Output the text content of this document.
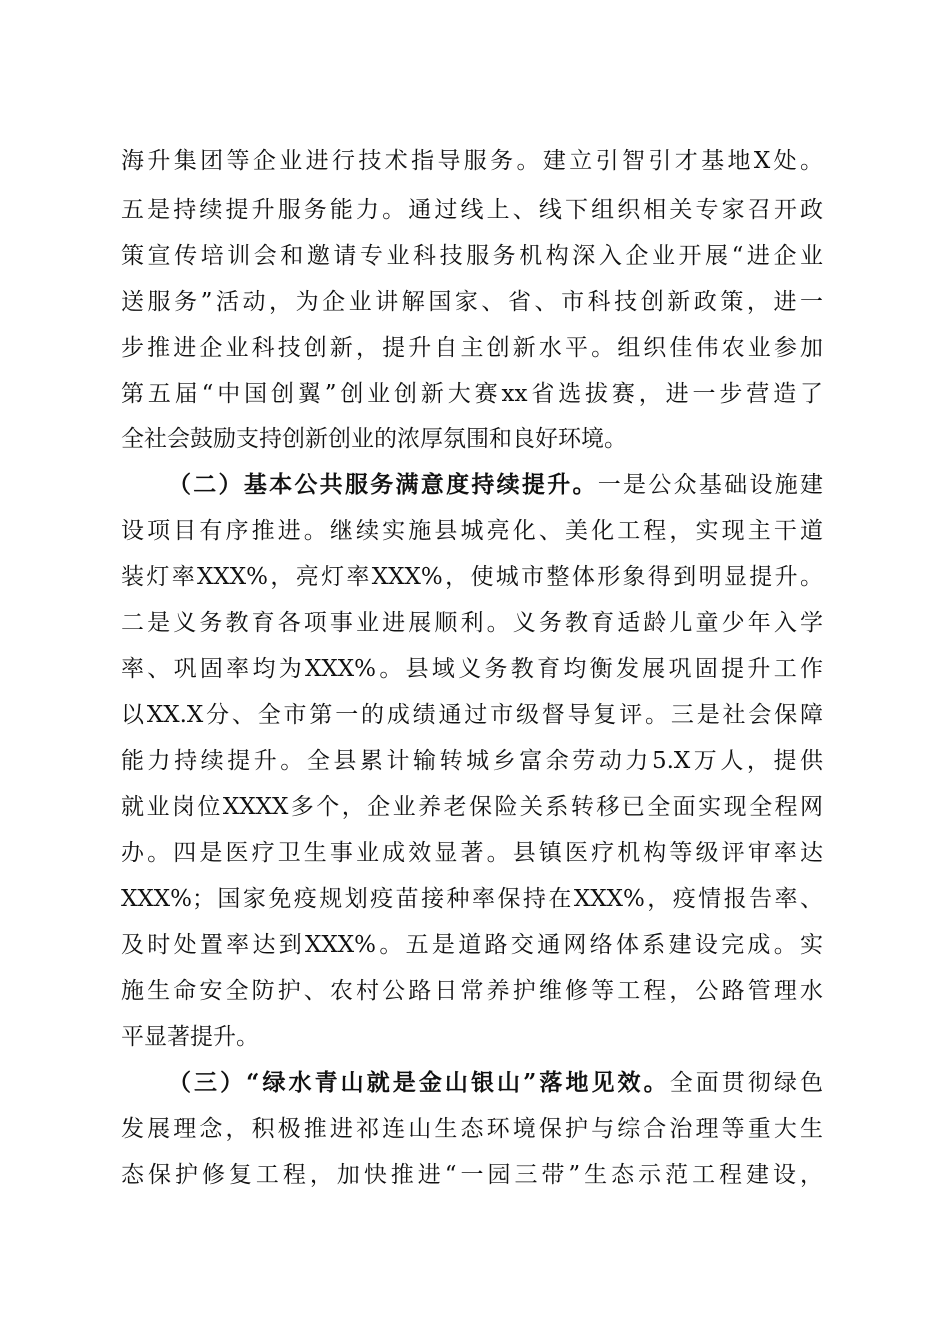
海升集团等企业进行技术指导服务。建立引智引才基地X处。
五是持续提升服务能力。通过线上、线下组织相关专家召开政
策宣传培训会和邀请专业科技服务机构深入企业开展“进企业
送服务”活动，为企业讲解国家、省、市科技创新政策，进一
步推进企业科技创新，提升自主创新水平。组织佳伟农业参加
第五届“中国创翼”创业创新大赛xx省选拔赛，进一步营造了
全社会鼓励支持创新创业的浓厚氛围和良好环境。
（二）基本公共服务满意度持续提升。一是公众基础设施建
设项目有序推进。继续实施县城亮化、美化工程，实现主干道
装灯率XXX%，亮灯率XXX%，使城市整体形象得到明显提升。
二是义务教育各项事业进展顺利。义务教育适龄儿童少年入学
率、巩固率均为XXX%。县域义务教育均衡发展巩固提升工作
以XX.X分、全市第一的成绩通过市级督导复评。三是社会保障
能力持续提升。全县累计输转城乡富余劳动力5.X万人，提供
就业岗位XXXX多个，企业养老保险关系转移已全面实现全程网
办。四是医疗卫生事业成效显著。县镇医疗机构等级评审率达
XXX%；国家免疫规划疫苗接种率保持在XXX%，疫情报告率、
及时处置率达到XXX%。五是道路交通网络体系建设完成。实
施生命安全防护、农村公路日常养护维修等工程，公路管理水
平显著提升。
（三）“绿水青山就是金山银山”落地见效。全面贯彻绿色
发展理念，积极推进祁连山生态环境保护与综合治理等重大生
态保护修复工程，加快推进“一园三带”生态示范工程建设，
